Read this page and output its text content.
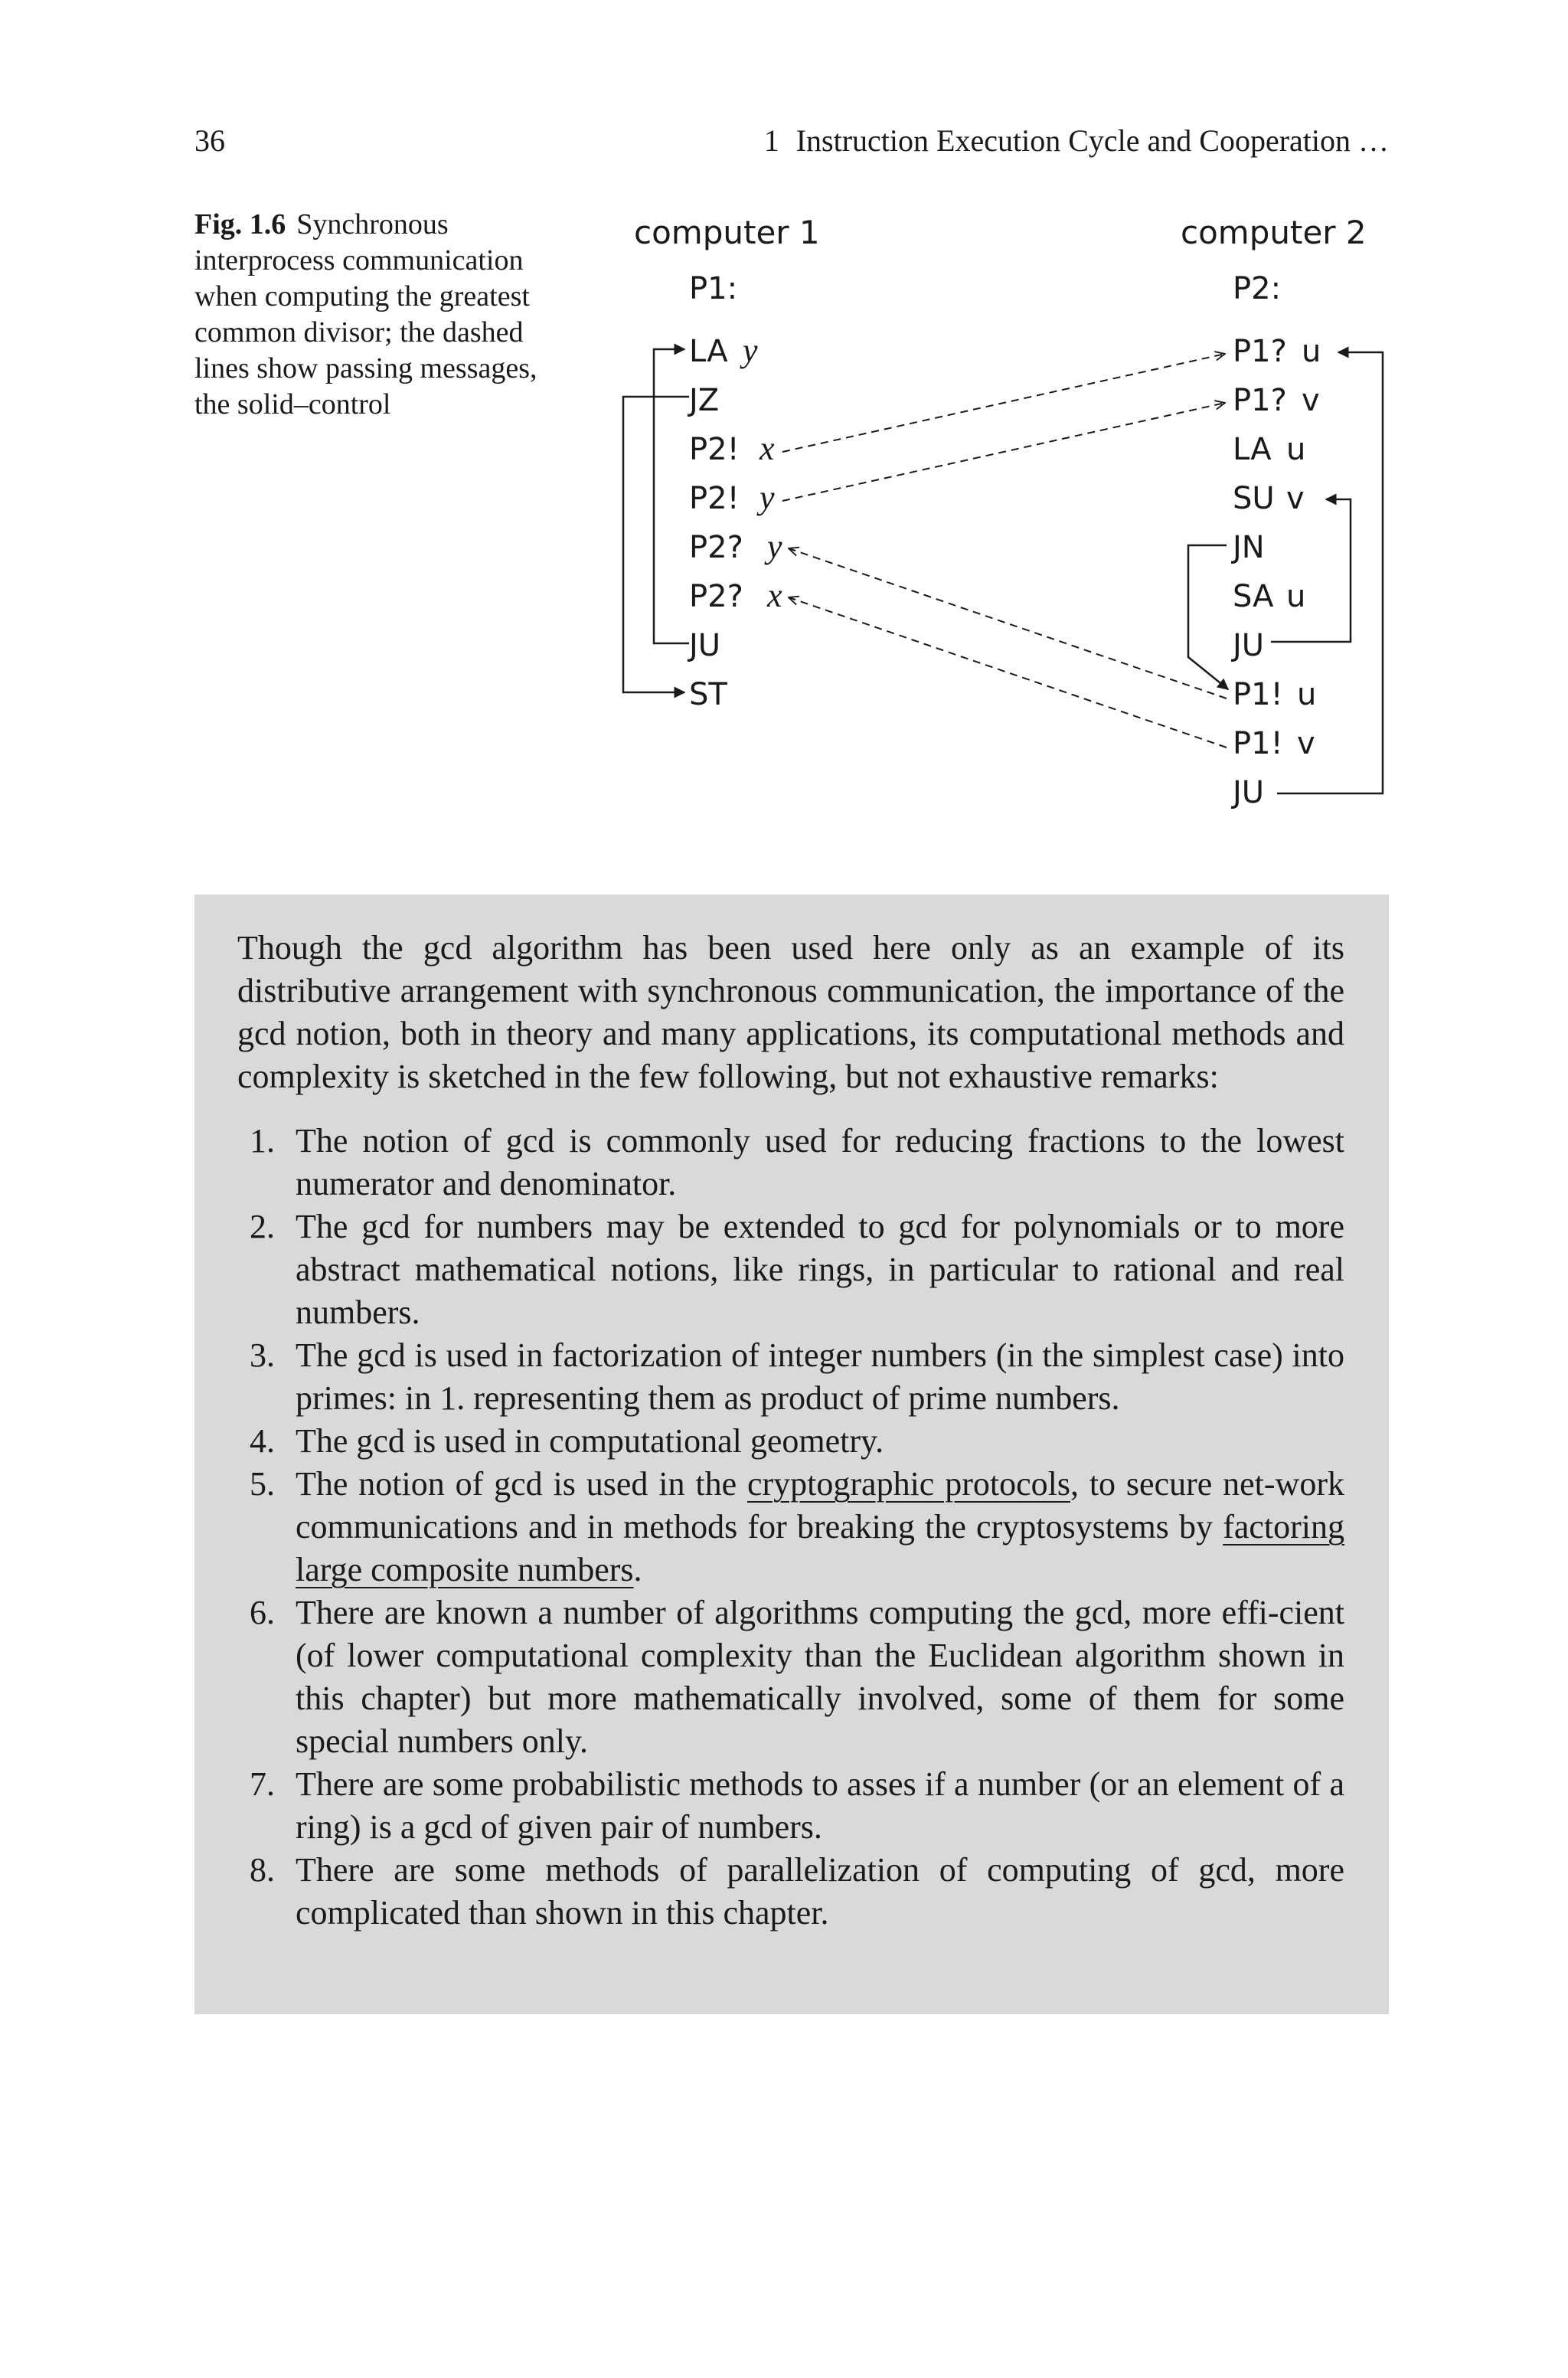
36	1 Instruction Execution Cycle and Cooperation …
Fig. 1.6 Synchronous interprocess communication when computing the greatest common divisor; the dashed lines show passing messages, the solid–control
computer 1	computer 2
P1:	P2:
LA y
JZ
P2! x
P2! y
P2? y
P2? x
JU
ST
P1? u
P1? v
LA u
SU v
JN
SA u
JU
P1! u
P1! v
JU

Though the gcd algorithm has been used here only as an example of its distributive arrangement with synchronous communication, the importance of the gcd notion, both in theory and many applications, its computational methods and complexity is sketched in the few following, but not exhaustive remarks:

1. The notion of gcd is commonly used for reducing fractions to the lowest numerator and denominator.
2. The gcd for numbers may be extended to gcd for polynomials or to more abstract mathematical notions, like rings, in particular to rational and real numbers.
3. The gcd is used in factorization of integer numbers (in the simplest case) into primes: in 1. representing them as product of prime numbers.
4. The gcd is used in computational geometry.
5. The notion of gcd is used in the cryptographic protocols, to secure net-work communications and in methods for breaking the cryptosystems by factoring large composite numbers.
6. There are known a number of algorithms computing the gcd, more effi-cient (of lower computational complexity than the Euclidean algorithm shown in this chapter) but more mathematically involved, some of them for some special numbers only.
7. There are some probabilistic methods to asses if a number (or an element of a ring) is a gcd of given pair of numbers.
8. There are some methods of parallelization of computing of gcd, more complicated than shown in this chapter.
